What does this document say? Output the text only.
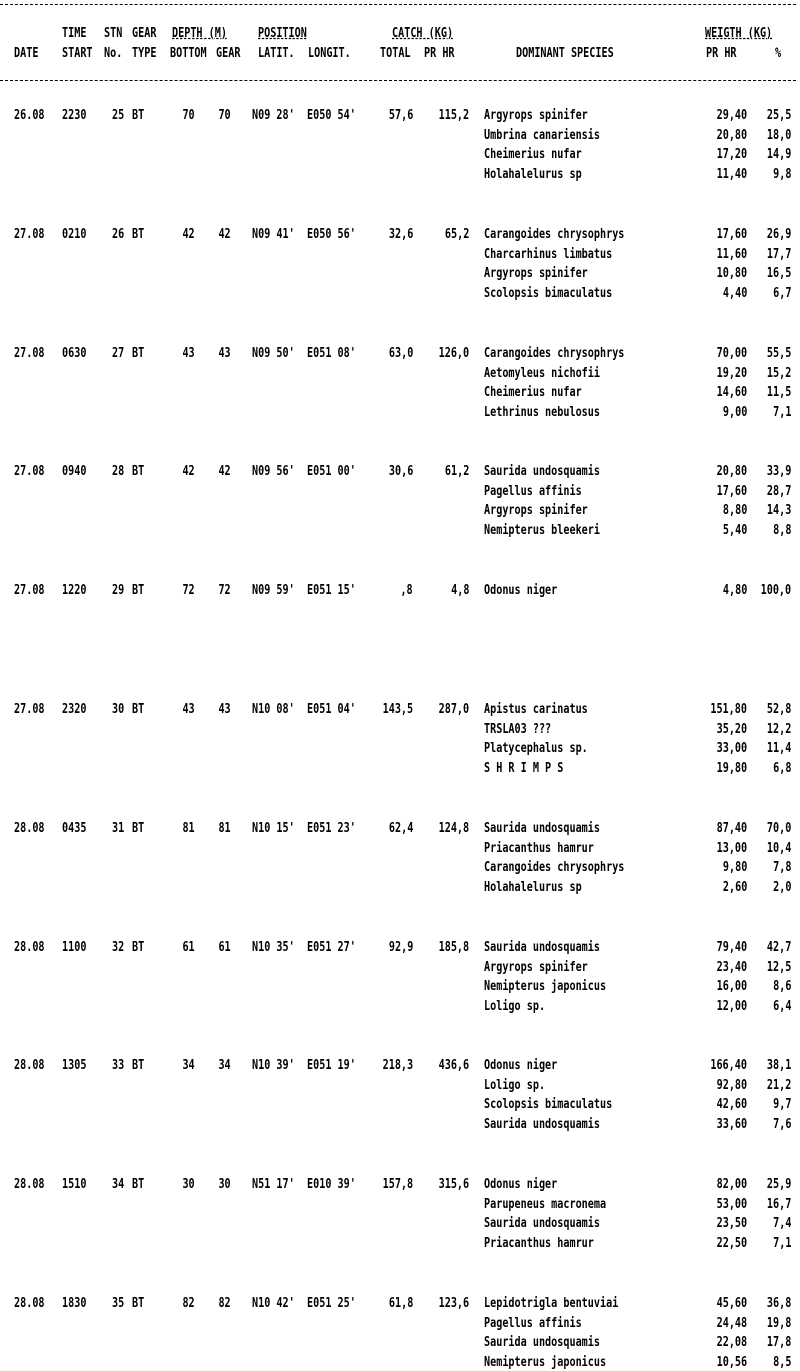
TIME STN GEAR DEPTH (M) POSITION	CATCH (KG)	WEIGTH (KG)
DATE START No. TYPE BOTTOM GEAR LATIT. LONGIT. TOTAL PR HR	DOMINANT SPECIES	PR HR	%
26.08 2230 25 BT	70 70 N09 28' E050 54'	57,6 115,2 Argyrops spinifer	29,40 25,5
Umbrina canariensis	20,80 18,0
Cheimerius nufar	17,20 14,9
Holahalelurus sp	11,40 9,8
27.08 0210 26 BT	42 42 N09 41' E050 56'	32,6 65,2 Carangoides chrysophrys	17,60 26,9
Charcarhinus limbatus	11,60 17,7
Argyrops spinifer	10,80 16,5
Scolopsis bimaculatus	4,40 6,7
27.08 0630 27 BT	43 43 N09 50' E051 08'	63,0 126,0 Carangoides chrysophrys	70,00 55,5
Aetomyleus nichofii	19,20 15,2
Cheimerius nufar	14,60 11,5
Lethrinus nebulosus	9,00 7,1
27.08 0940 28 BT	42 42 N09 56' E051 00'	30,6 61,2 Saurida undosquamis	20,80 33,9
Pagellus affinis	17,60 28,7
Argyrops spinifer	8,80 14,3
Nemipterus bleekeri	5,40 8,8
27.08 1220 29 BT	72 72 N09 59' E051 15'	,8	4,8 Odonus niger	4,80 100,0
27.08 2320 30 BT	43 43 N10 08' E051 04' 143,5 287,0 Apistus carinatus	151,80 52,8
TRSLA03 ???	35,20 12,2
Platycephalus sp.	33,00 11,4
S H R I M P S	19,80 6,8
28.08 0435 31 BT	81 81 N10 15' E051 23'	62,4 124,8 Saurida undosquamis	87,40 70,0
Priacanthus hamrur	13,00 10,4
Carangoides chrysophrys	9,80 7,8
Holahalelurus sp	2,60 2,0
28.08 1100 32 BT	61 61 N10 35' E051 27'	92,9 185,8 Saurida undosquamis	79,40 42,7
Argyrops spinifer	23,40 12,5
Nemipterus japonicus	16,00 8,6
Loligo sp.	12,00 6,4
28.08 1305 33 BT	34 34 N10 39' E051 19' 218,3 436,6 Odonus niger	166,40 38,1
Loligo sp.	92,80 21,2
Scolopsis bimaculatus	42,60 9,7
Saurida undosquamis	33,60 7,6
28.08 1510 34 BT	30 30 N51 17' E010 39' 157,8 315,6 Odonus niger	82,00 25,9
Parupeneus macronema	53,00 16,7
Saurida undosquamis	23,50 7,4
Priacanthus hamrur	22,50 7,1
28.08 1830 35 BT	82 82 N10 42' E051 25'	61,8 123,6 Lepidotrigla bentuviai	45,60 36,8
Pagellus affinis	24,48 19,8
Saurida undosquamis	22,08 17,8
Nemipterus japonicus	10,56 8,5
